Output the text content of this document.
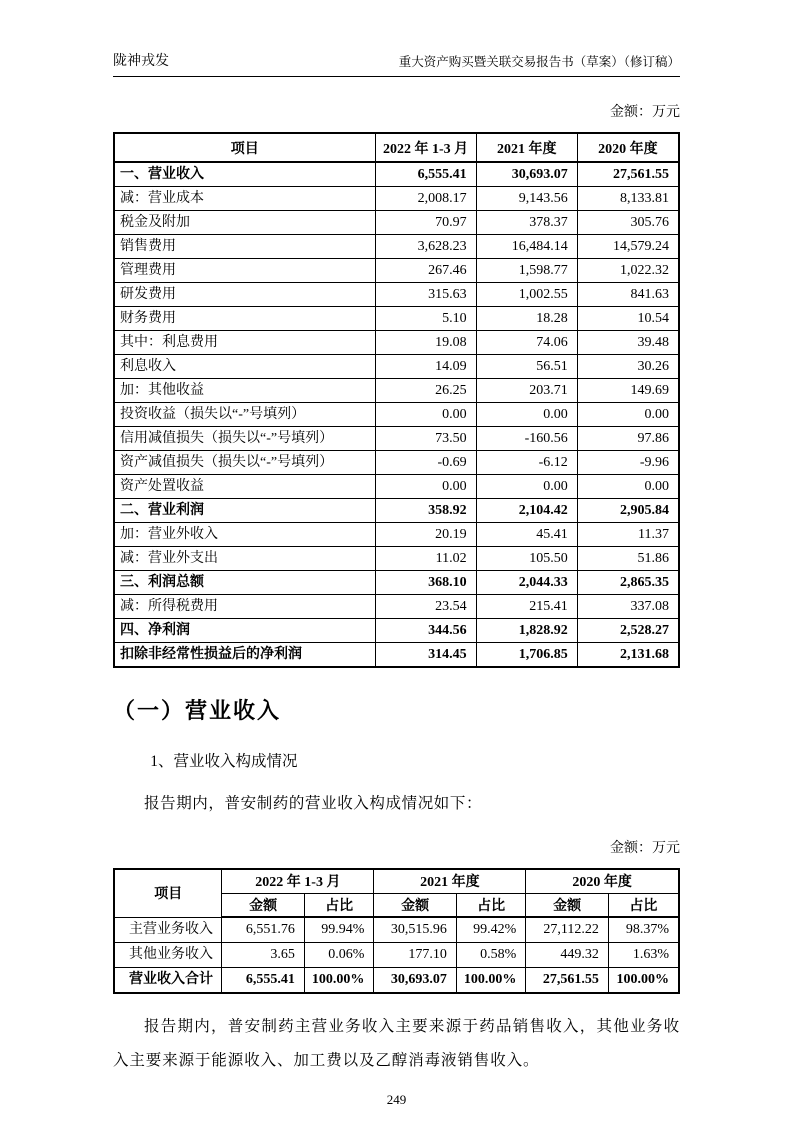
陇神戎发	重大资产购买暨关联交易报告书（草案）（修订稿）
金额：万元
项目	2022 年 1-3 月	2021 年度	2020 年度
一、营业收入	6,555.41	30,693.07	27,561.55
减：营业成本	2,008.17	9,143.56	8,133.81
税金及附加	70.97	378.37	305.76
销售费用	3,628.23	16,484.14	14,579.24
管理费用	267.46	1,598.77	1,022.32
研发费用	315.63	1,002.55	841.63
财务费用	5.10	18.28	10.54
其中：利息费用	19.08	74.06	39.48
利息收入	14.09	56.51	30.26
加：其他收益	26.25	203.71	149.69
投资收益（损失以“-”号填列）	0.00	0.00	0.00
信用减值损失（损失以“-”号填列）	73.50	-160.56	97.86
资产减值损失（损失以“-”号填列）	-0.69	-6.12	-9.96
资产处置收益	0.00	0.00	0.00
二、营业利润	358.92	2,104.42	2,905.84
加：营业外收入	20.19	45.41	11.37
减：营业外支出	11.02	105.50	51.86
三、利润总额	368.10	2,044.33	2,865.35
减：所得税费用	23.54	215.41	337.08
四、净利润	344.56	1,828.92	2,528.27
扣除非经常性损益后的净利润	314.45	1,706.85	2,131.68
（一）营业收入

1、营业收入构成情况

报告期内，普安制药的营业收入构成情况如下：

金额：万元
项目	2022 年 1-3 月		2021 年度		2020 年度	
	金额	占比	金额	占比	金额	占比
主营业务收入	6,551.76	99.94%	30,515.96	99.42%	27,112.22	98.37%
其他业务收入	3.65	0.06%	177.10	0.58%	449.32	1.63%
营业收入合计	6,555.41	100.00%	30,693.07	100.00%	27,561.55	100.00%

报告期内，普安制药主营业务收入主要来源于药品销售收入，其他业务收入主要来源于能源收入、加工费以及乙醇消毒液销售收入。

249
